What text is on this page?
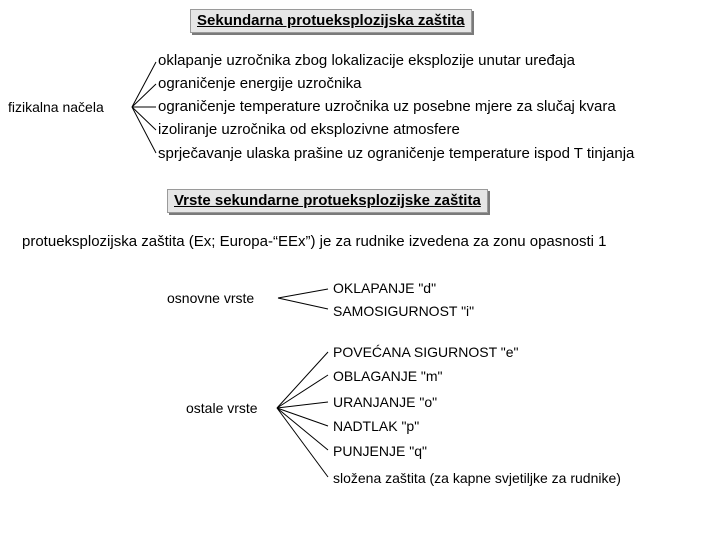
Sekundarna protueksplozijska zaštita
fizikalna načela
oklapanje uzročnika zbog lokalizacije eksplozije unutar uređaja
ograničenje energije uzročnika
ograničenje temperature uzročnika uz posebne mjere za slučaj kvara
izoliranje uzročnika od eksplozivne atmosfere
sprječavanje ulaska prašine uz ograničenje temperature ispod T tinjanja
Vrste sekundarne protueksplozijske zaštita
protueksplozijska zaštita (Ex; Europa-“EEx”) je za rudnike izvedena za zonu opasnosti 1
osnovne vrste
OKLAPANJE "d"
SAMOSIGURNOST "i"
ostale vrste
POVEĆANA SIGURNOST "e"
OBLAGANJE "m"
URANJANJE "o"
NADTLAK "p"
PUNJENJE "q"
složena zaštita (za kapne svjetiljke za rudnike)
